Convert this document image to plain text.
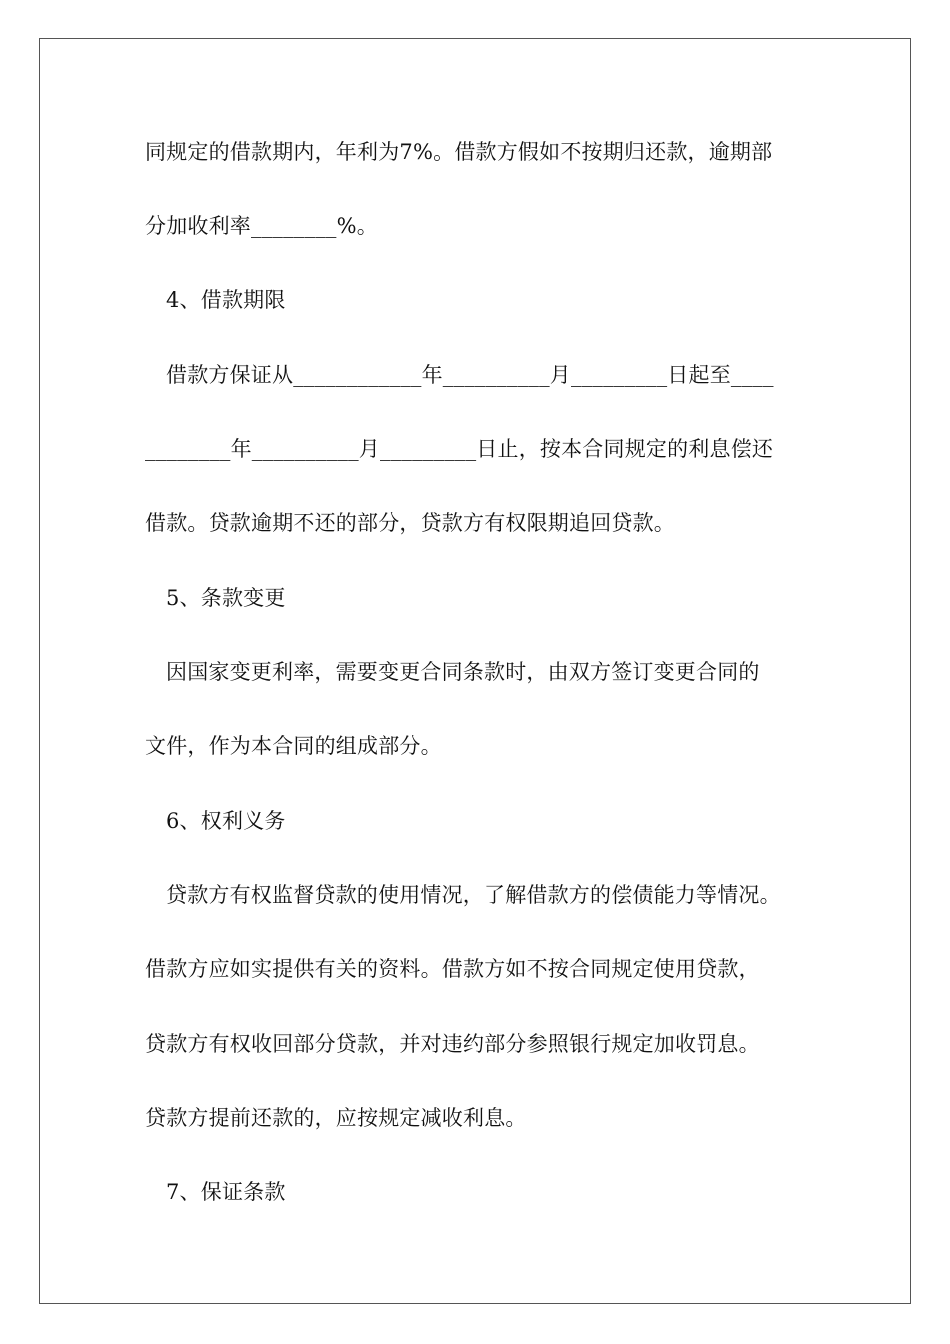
同规定的借款期内，年利为7%。借款方假如不按期归还款，逾期部

分加收利率________%。

4、借款期限

借款方保证从____________年__________月_________日起至____

________年__________月_________日止，按本合同规定的利息偿还

借款。贷款逾期不还的部分，贷款方有权限期追回贷款。

5、条款变更

因国家变更利率，需要变更合同条款时，由双方签订变更合同的

文件，作为本合同的组成部分。

6、权利义务

贷款方有权监督贷款的使用情况，了解借款方的偿债能力等情况。

借款方应如实提供有关的资料。借款方如不按合同规定使用贷款，

贷款方有权收回部分贷款，并对违约部分参照银行规定加收罚息。

贷款方提前还款的，应按规定减收利息。

7、保证条款
